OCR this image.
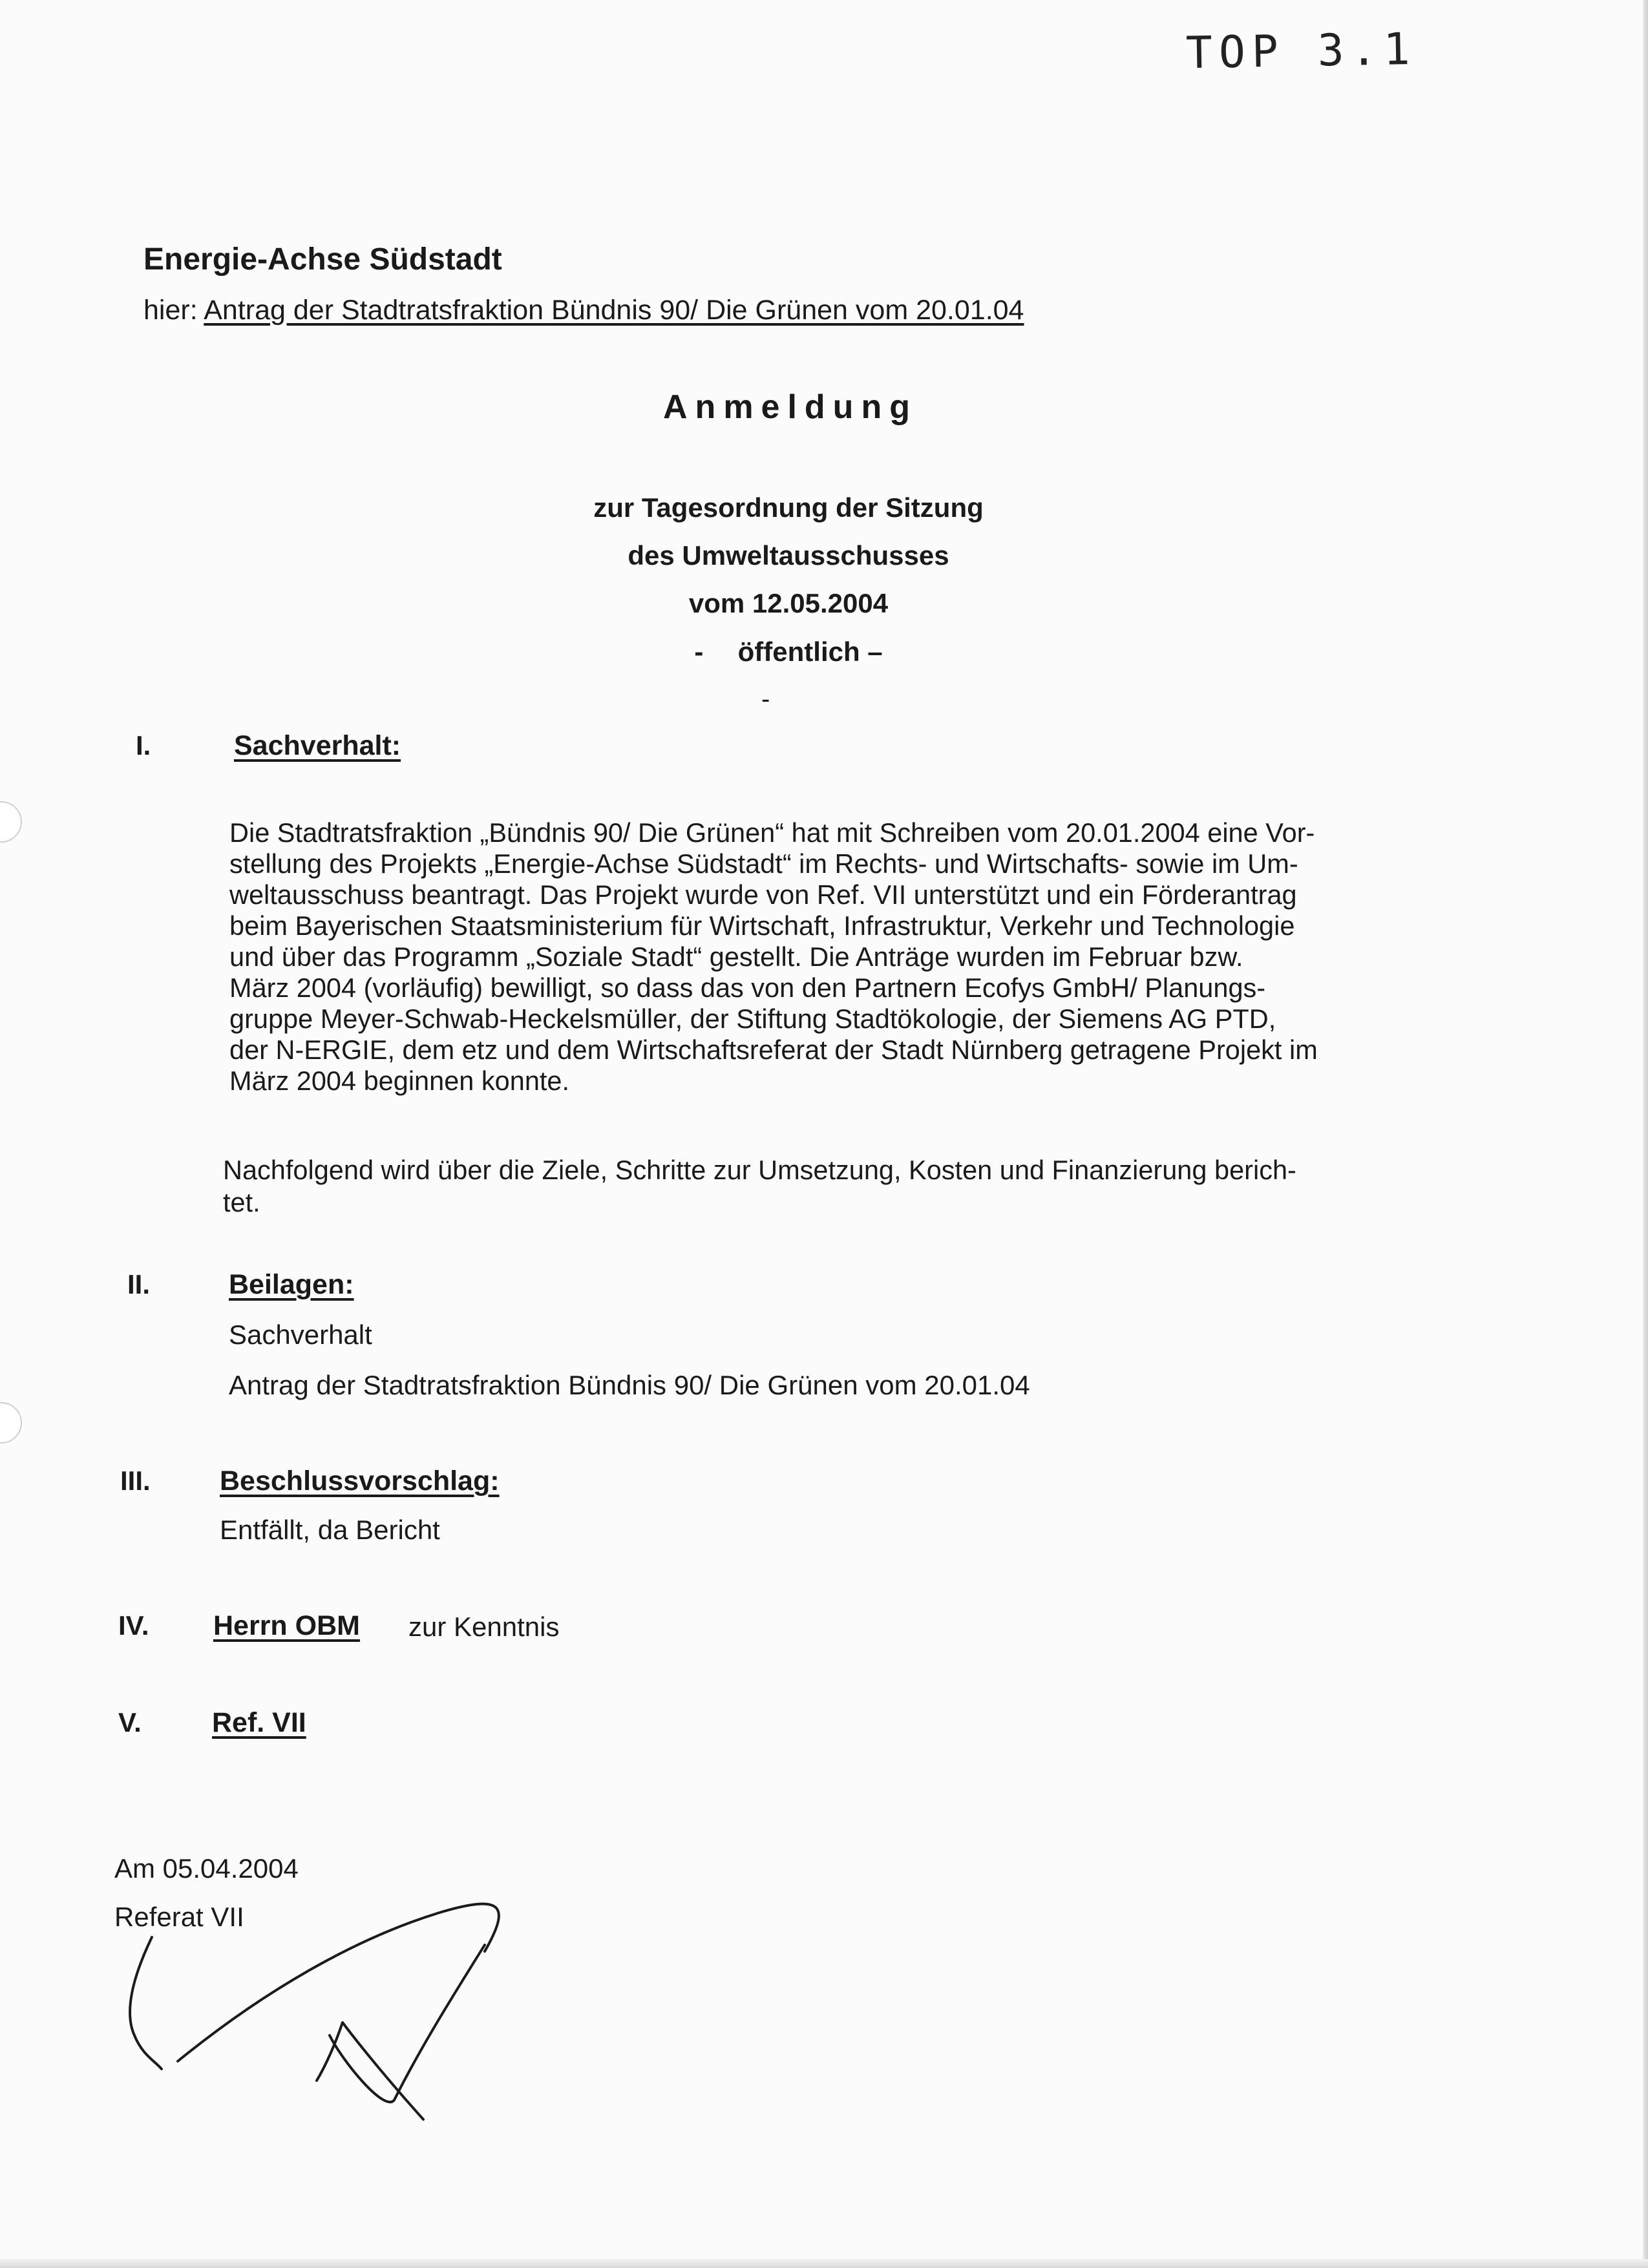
TOP 3.1
Energie-Achse Südstadt
hier: Antrag der Stadtratsfraktion Bündnis 90/ Die Grünen vom 20.01.04
Anmeldung
zur Tagesordnung der Sitzung
des Umweltausschusses
vom 12.05.2004
- öffentlich –
-
I.	Sachverhalt:
Die Stadtratsfraktion „Bündnis 90/ Die Grünen“ hat mit Schreiben vom 20.01.2004 eine Vor-
stellung des Projekts „Energie-Achse Südstadt“ im Rechts- und Wirtschafts- sowie im Um-
weltausschuss beantragt. Das Projekt wurde von Ref. VII unterstützt und ein Förderantrag
beim Bayerischen Staatsministerium für Wirtschaft, Infrastruktur, Verkehr und Technologie
und über das Programm „Soziale Stadt“ gestellt. Die Anträge wurden im Februar bzw.
März 2004 (vorläufig) bewilligt, so dass das von den Partnern Ecofys GmbH/ Planungs-
gruppe Meyer-Schwab-Heckelsmüller, der Stiftung Stadtökologie, der Siemens AG PTD,
der N-ERGIE, dem etz und dem Wirtschaftsreferat der Stadt Nürnberg getragene Projekt im
März 2004 beginnen konnte.
Nachfolgend wird über die Ziele, Schritte zur Umsetzung, Kosten und Finanzierung berich-
tet.
II.	Beilagen:
Sachverhalt
Antrag der Stadtratsfraktion Bündnis 90/ Die Grünen vom 20.01.04
III. Beschlussvorschlag:
Entfällt, da Bericht
IV. Herrn OBM zur Kenntnis
V.	Ref. VII
Am 05.04.2004
Referat VII
